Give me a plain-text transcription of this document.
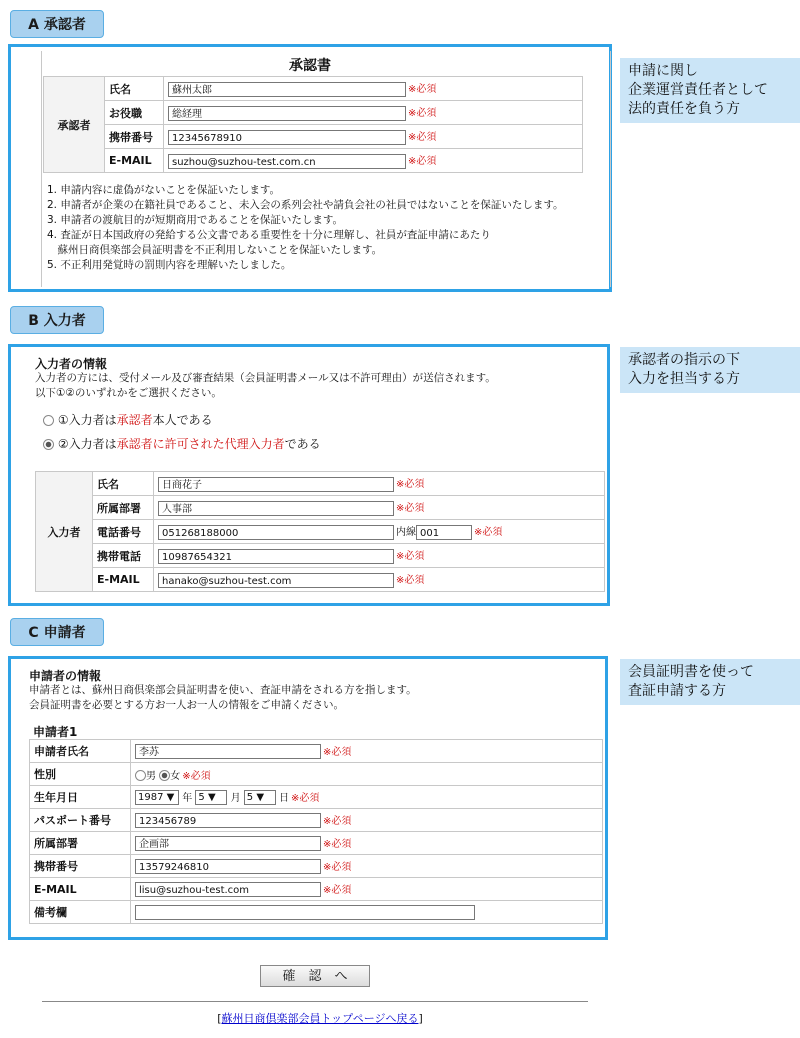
A 承認者
承認書
承認者	氏名	蘇州太郎 ※必須
	お役職	総経理 ※必須
	携帯番号	12345678910 ※必須
	E-MAIL	suzhou@suzhou-test.com.cn ※必須
1. 申請内容に虚偽がないことを保証いたします。
2. 申請者が企業の在籍社員であること、未入会の系列会社や請負会社の社員ではないことを保証いたします。
3. 申請者の渡航目的が短期商用であることを保証いたします。
4. 査証が日本国政府の発給する公文書である重要性を十分に理解し、社員が査証申請にあたり
　蘇州日商倶楽部会員証明書を不正利用しないことを保証いたします。
5. 不正利用発覚時の罰則内容を理解いたしました。
申請に関し
企業運営責任者として
法的責任を負う方
B 入力者
入力者の情報
入力者の方には、受付メール及び審査結果（会員証明書メール又は不許可理由）が送信されます。
以下①②のいずれかをご選択ください。
①入力者は承認者本人である
②入力者は承認者に許可された代理入力者である
入力者	氏名	日商花子 ※必須
	所属部署	人事部 ※必須
	電話番号	051268188000 内線 001 ※必須
	携帯電話	10987654321 ※必須
	E-MAIL	hanako@suzhou-test.com ※必須
承認者の指示の下
入力を担当する方
C 申請者
申請者の情報
申請者とは、蘇州日商倶楽部会員証明書を使い、査証申請をされる方を指します。
会員証明書を必要とする方お一人お一人の情報をご申請ください。
申請者1
申請者氏名	李苏 ※必須
性別	男 女 ※必須
生年月日	1987 ▼ 年 5 ▼ 月 5 ▼ 日 ※必須
パスポート番号	123456789 ※必須
所属部署	企画部 ※必須
携帯番号	13579246810 ※必須
E-MAIL	lisu@suzhou-test.com ※必須
備考欄	
会員証明書を使って
査証申請する方
確　認　へ
[蘇州日商倶楽部会員トップページへ戻る]
